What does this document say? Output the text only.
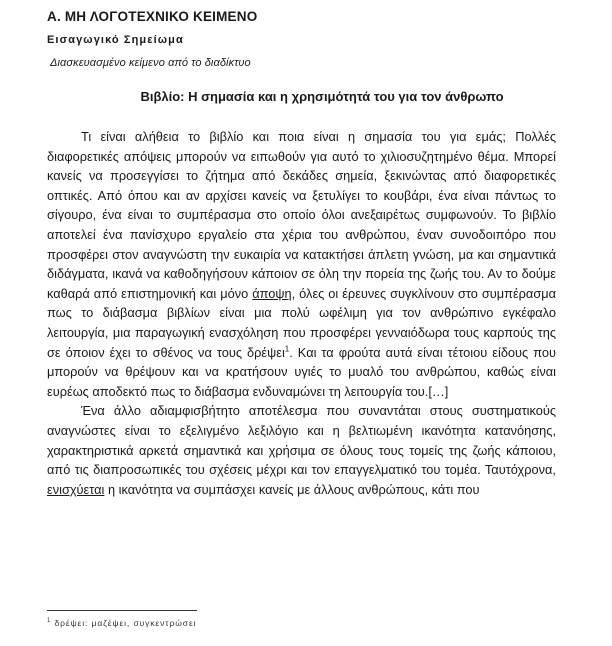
Α. ΜΗ ΛΟΓΟΤΕΧΝΙΚΟ ΚΕΙΜΕΝΟ
Εισαγωγικό Σημείωμα
Διασκευασμένο κείμενο από το διαδίκτυο
Βιβλίο: Η σημασία και η χρησιμότητά του για τον άνθρωπο

Τι είναι αλήθεια το βιβλίο και ποια είναι η σημασία του για εμάς; Πολλές διαφορετικές απόψεις μπορούν να ειπωθούν για αυτό το χιλιοσυζητημένο θέμα. Μπορεί κανείς να προσεγγίσει το ζήτημα από δεκάδες σημεία, ξεκινώντας από διαφορετικές οπτικές. Από όπου και αν αρχίσει κανείς να ξετυλίγει το κουβάρι, ένα είναι πάντως το σίγουρο, ένα είναι το συμπέρασμα στο οποίο όλοι ανεξαιρέτως συμφωνούν. Το βιβλίο αποτελεί ένα πανίσχυρο εργαλείο στα χέρια του ανθρώπου, έναν συνοδοιπόρο που προσφέρει στον αναγνώστη την ευκαιρία να κατακτήσει άπλετη γνώση, μα και σημαντικά διδάγματα, ικανά να καθοδηγήσουν κάποιον σε όλη την πορεία της ζωής του. Αν το δούμε καθαρά από επιστημονική και μόνο άποψη, όλες οι έρευνες συγκλίνουν στο συμπέρασμα πως το διάβασμα βιβλίων είναι μια πολύ ωφέλιμη για τον ανθρώπινο εγκέφαλο λειτουργία, μια παραγωγική ενασχόληση που προσφέρει γενναιόδωρα τους καρπούς της σε όποιον έχει το σθένος να τους δρέψει$^1$. Και τα φρούτα αυτά είναι τέτοιου είδους που μπορούν να θρέψουν και να κρατήσουν υγιές το μυαλό του ανθρώπου, καθώς είναι ευρέως αποδεκτό πως το διάβασμα ενδυναμώνει τη λειτουργία του.[…]

Ένα άλλο αδιαμφισβήτητο αποτέλεσμα που συναντάται στους συστηματικούς αναγνώστες είναι το εξελιγμένο λεξιλόγιο και η βελτιωμένη ικανότητα κατανόησης, χαρακτηριστικά αρκετά σημαντικά και χρήσιμα σε όλους τους τομείς της ζωής κάποιου, από τις διαπροσωπικές του σχέσεις μέχρι και τον επαγγελματικό του τομέα. Ταυτόχρονα, ενισχύεται η ικανότητα να συμπάσχει κανείς με άλλους ανθρώπους, κάτι που

$^1$ δρέψει: μαζέψει, συγκεντρώσει
